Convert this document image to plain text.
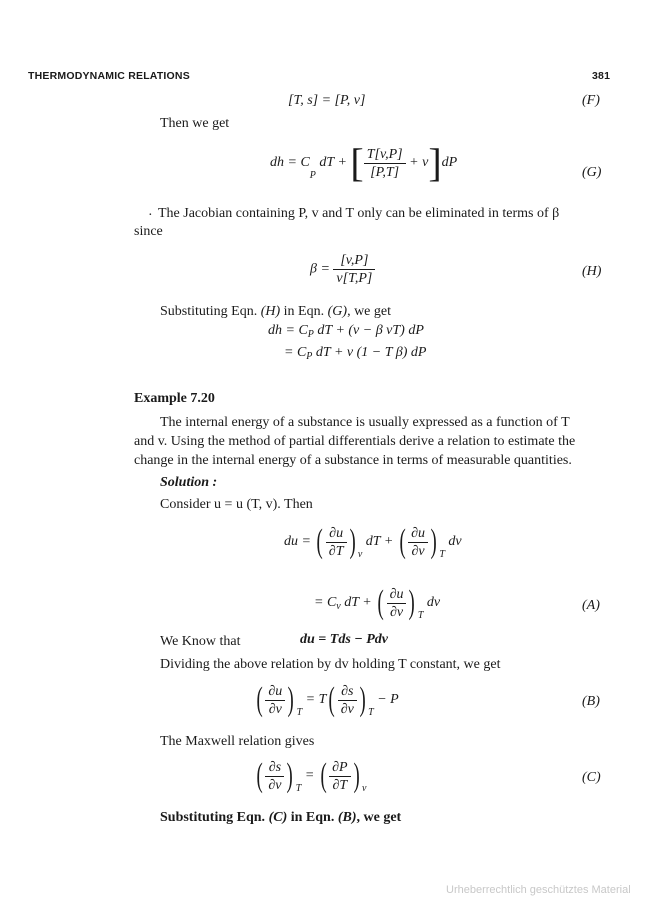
THERMODYNAMIC RELATIONS	381
[T, s] = [P, v]	(F)
Then we get
dh = $C_P$ dT + [ $\frac{T[v,P]}{[P,T]} + v]dP$
(G)
· The Jacobian containing P, v and T only can be eliminated in terms of β
since
$\beta = \frac{[v,P]}{v[T,P]}$	(H)
Substituting Eqn. (H) in Eqn. (G), we get
dh = $C_P$ dT + (v − β vT) dP
= $C_P$ dT + v (1 − T β) dP
Example 7.20
The internal energy of a substance is usually expressed as a function of T
and v. Using the method of partial differentials derive a relation to estimate the
change in the internal energy of a substance in terms of measurable quantities.
Solution :
Consider u = u (T, v). Then
du = ( $\frac{\partial u}{\partial T}$ ) $_v$ dT + ( $\frac{\partial u}{\partial v}$ ) $_T$ dv
= $C_v$ dT + ( $\frac{\partial u}{\partial v}$ ) $_T$ dv	(A)
We Know that	du = Tds − Pdv
Dividing the above relation by dv holding T constant, we get
( $\frac{\partial u}{\partial v}$ ) $_T = T( \frac{\partial s}{\partial v}$ ) $_T$ − P	(B)
The Maxwell relation gives
( $\frac{\partial s}{\partial v}$ ) $_T$ = ( $\frac{\partial P}{\partial T}$ ) $_v$
(C)
Substituting Eqn. (C) in Eqn. (B), we get
Urheberrechtlich geschütztes Material
